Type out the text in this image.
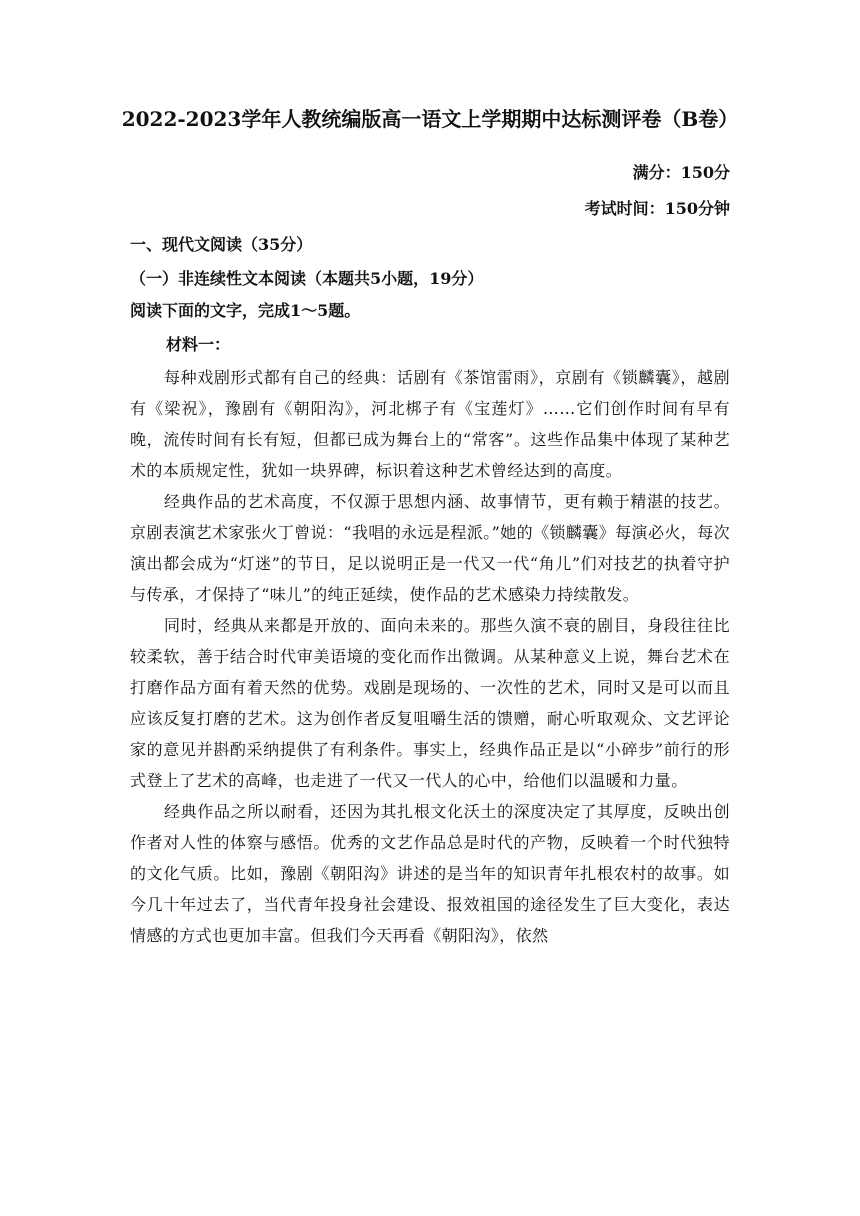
2022-2023学年人教统编版高一语文上学期期中达标测评卷（B卷）
满分：150分
考试时间：150分钟
一、现代文阅读（35分）
（一）非连续性文本阅读（本题共5小题，19分）
阅读下面的文字，完成1～5题。
材料一：

每种戏剧形式都有自己的经典：话剧有《茶馆雷雨》，京剧有《锁麟囊》，越剧有《梁祝》，豫剧有《朝阳沟》，河北梆子有《宝莲灯》……它们创作时间有早有晚，流传时间有长有短，但都已成为舞台上的“常客”。这些作品集中体现了某种艺术的本质规定性，犹如一块界碑，标识着这种艺术曾经达到的高度。

经典作品的艺术高度，不仅源于思想内涵、故事情节，更有赖于精湛的技艺。京剧表演艺术家张火丁曾说：“我唱的永远是程派。”她的《锁麟囊》每演必火，每次演出都会成为“灯迷”的节日，足以说明正是一代又一代“角儿”们对技艺的执着守护与传承，才保持了“味儿”的纯正延续，使作品的艺术感染力持续散发。

同时，经典从来都是开放的、面向未来的。那些久演不衰的剧目，身段往往比较柔软，善于结合时代审美语境的变化而作出微调。从某种意义上说，舞台艺术在打磨作品方面有着天然的优势。戏剧是现场的、一次性的艺术，同时又是可以而且应该反复打磨的艺术。这为创作者反复咀嚼生活的馈赠，耐心听取观众、文艺评论家的意见并斟酌采纳提供了有利条件。事实上，经典作品正是以“小碎步”前行的形式登上了艺术的高峰，也走进了一代又一代人的心中，给他们以温暖和力量。

经典作品之所以耐看，还因为其扎根文化沃土的深度决定了其厚度，反映出创作者对人性的体察与感悟。优秀的文艺作品总是时代的产物，反映着一个时代独特的文化气质。比如，豫剧《朝阳沟》讲述的是当年的知识青年扎根农村的故事。如今几十年过去了，当代青年投身社会建设、报效祖国的途径发生了巨大变化，表达情感的方式也更加丰富。但我们今天再看《朝阳沟》，依然
